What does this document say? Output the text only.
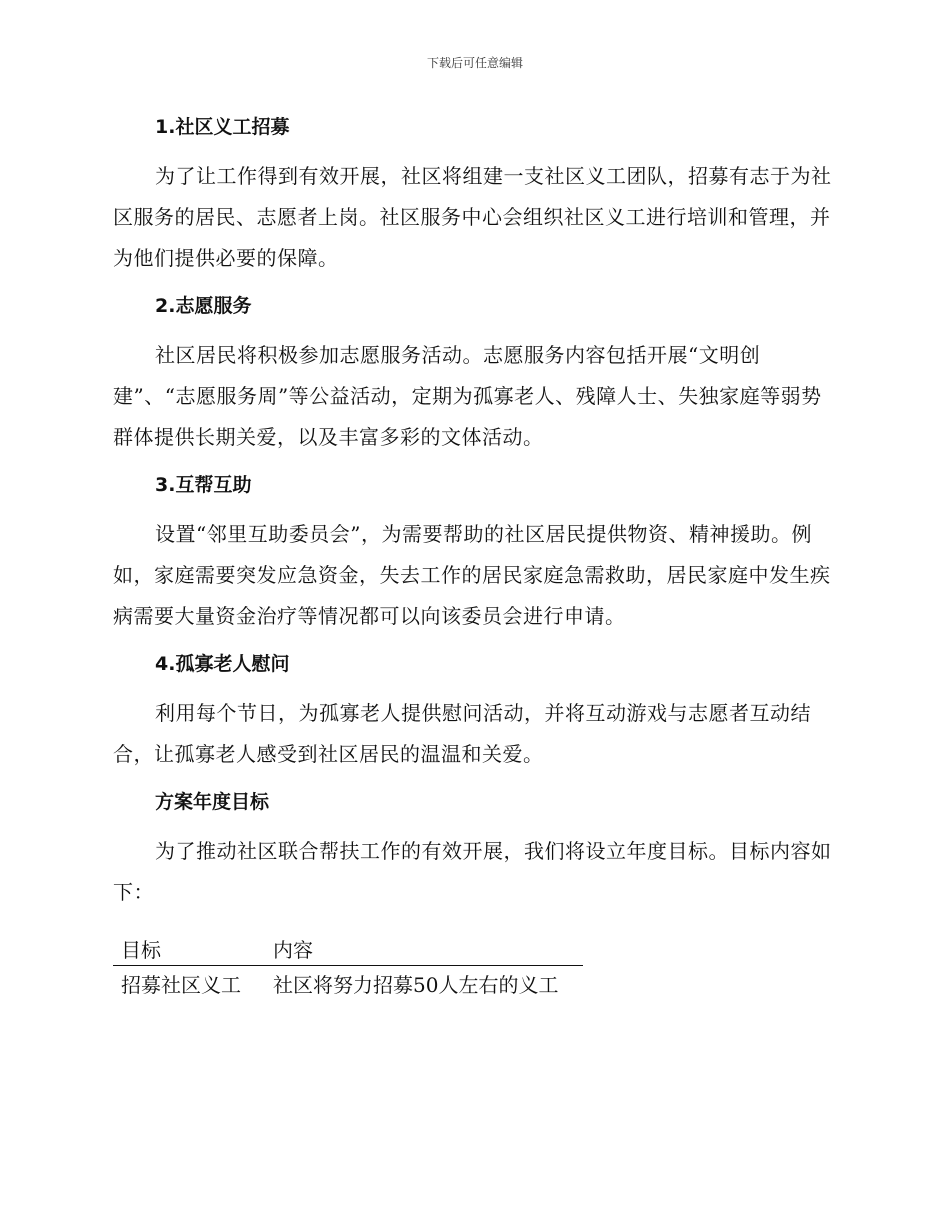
下载后可任意编辑
1.社区义工招募

为了让工作得到有效开展，社区将组建一支社区义工团队，招募有志于为社区服务的居民、志愿者上岗。社区服务中心会组织社区义工进行培训和管理，并为他们提供必要的保障。

2.志愿服务

社区居民将积极参加志愿服务活动。志愿服务内容包括开展“文明创建”、“志愿服务周”等公益活动，定期为孤寡老人、残障人士、失独家庭等弱势群体提供长期关爱，以及丰富多彩的文体活动。

3.互帮互助

设置“邻里互助委员会”，为需要帮助的社区居民提供物资、精神援助。例如，家庭需要突发应急资金，失去工作的居民家庭急需救助，居民家庭中发生疾病需要大量资金治疗等情况都可以向该委员会进行申请。

4.孤寡老人慰问

利用每个节日，为孤寡老人提供慰问活动，并将互动游戏与志愿者互动结合，让孤寡老人感受到社区居民的温温和关爱。

方案年度目标

为了推动社区联合帮扶工作的有效开展，我们将设立年度目标。目标内容如下：

目标	内容
招募社区义工	社区将努力招募50人左右的义工
